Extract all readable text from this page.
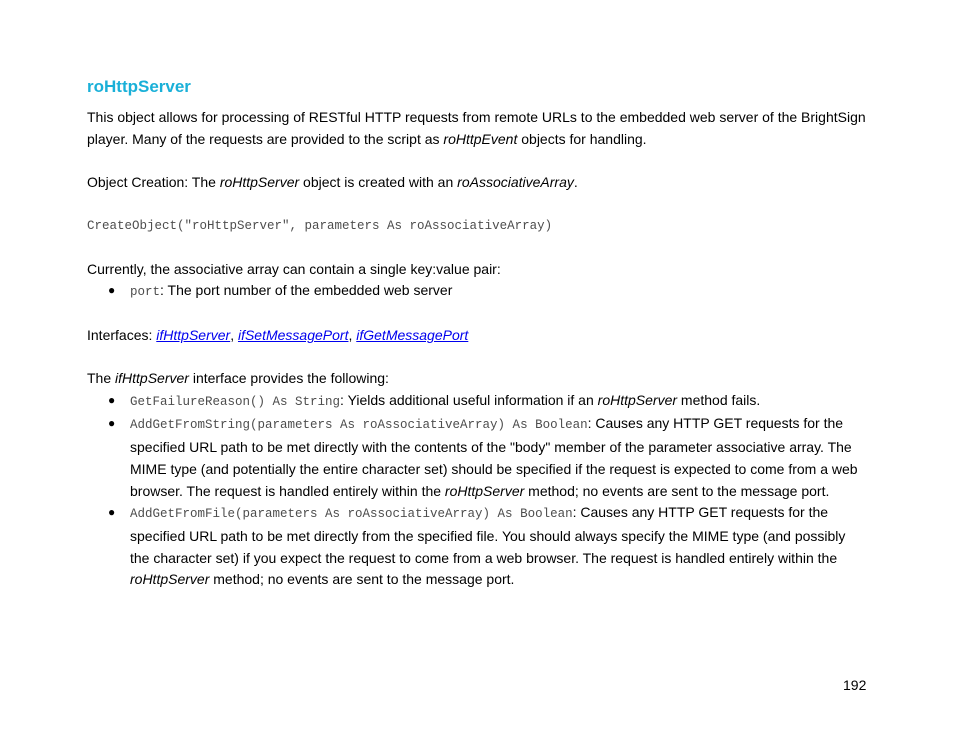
roHttpServer

This object allows for processing of RESTful HTTP requests from remote URLs to the embedded web server of the BrightSign player. Many of the requests are provided to the script as roHttpEvent objects for handling.

Object Creation: The roHttpServer object is created with an roAssociativeArray.

CreateObject("roHttpServer", parameters As roAssociativeArray)

Currently, the associative array can contain a single key:value pair:

● port: The port number of the embedded web server

Interfaces: ifHttpServer, ifSetMessagePort, ifGetMessagePort

The ifHttpServer interface provides the following:

● GetFailureReason() As String: Yields additional useful information if an roHttpServer method fails.
● AddGetFromString(parameters As roAssociativeArray) As Boolean: Causes any HTTP GET requests for the specified URL path to be met directly with the contents of the "body" member of the parameter associative array. The MIME type (and potentially the entire character set) should be specified if the request is expected to come from a web browser. The request is handled entirely within the roHttpServer method; no events are sent to the message port.
● AddGetFromFile(parameters As roAssociativeArray) As Boolean: Causes any HTTP GET requests for the specified URL path to be met directly from the specified file. You should always specify the MIME type (and possibly the character set) if you expect the request to come from a web browser. The request is handled entirely within the roHttpServer method; no events are sent to the message port.
192
